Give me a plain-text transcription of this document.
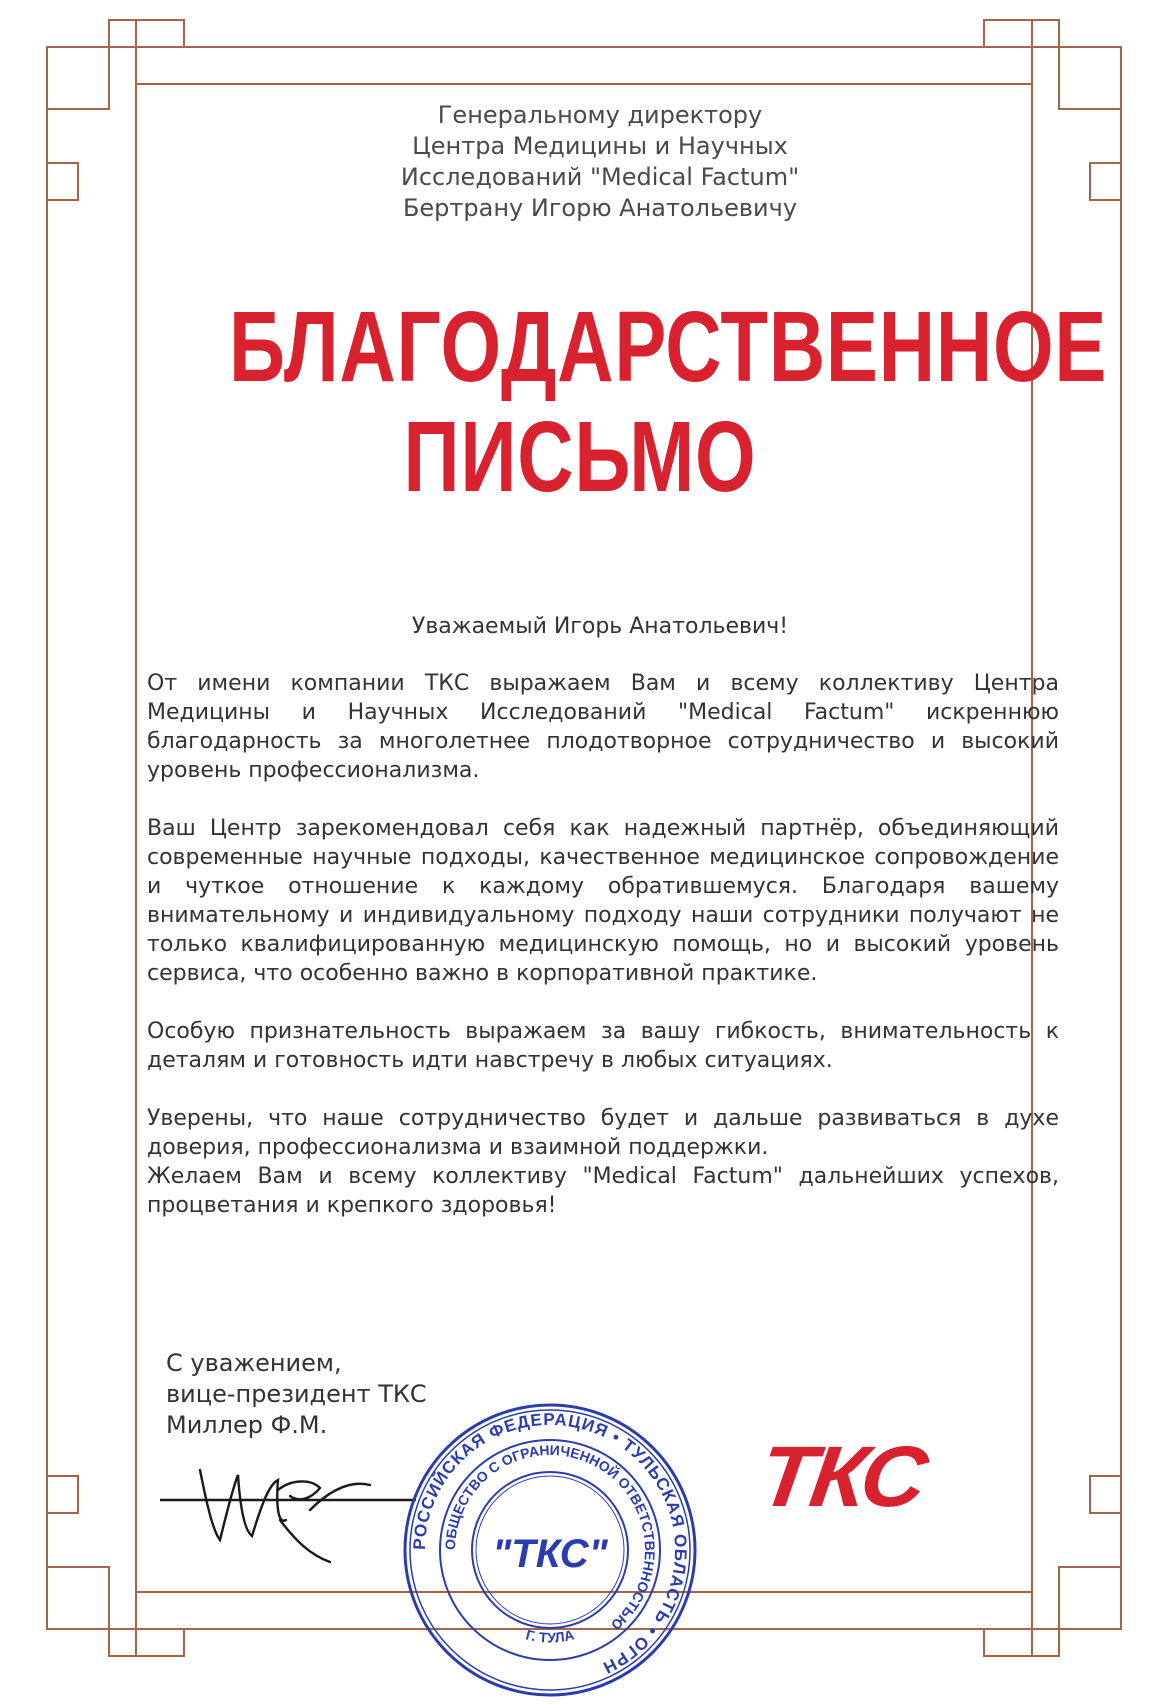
Генеральному директору
Центра Медицины и Научных
Исследований "Medical Factum"
Бертрану Игорю Анатольевичу
БЛАГОДАРСТВЕННОЕ
ПИСЬМО
Уважаемый Игорь Анатольевич!

От имени компании ТКС выражаем Вам и всему коллективу Центра Медицины и Научных Исследований "Medical Factum" искреннюю благодарность за многолетнее плодотворное сотрудничество и высокий уровень профессионализма.

Ваш Центр зарекомендовал себя как надежный партнёр, объединяющий современные научные подходы, качественное медицинское сопровождение и чуткое отношение к каждому обратившемуся. Благодаря вашему внимательному и индивидуальному подходу наши сотрудники получают не только квалифицированную медицинскую помощь, но и высокий уровень сервиса, что особенно важно в корпоративной практике.

Особую признательность выражаем за вашу гибкость, внимательность к деталям и готовность идти навстречу в любых ситуациях.

Уверены, что наше сотрудничество будет и дальше развиваться в духе доверия, профессионализма и взаимной поддержки.

Желаем Вам и всему коллективу "Medical Factum" дальнейших успехов, процветания и крепкого здоровья!

С уважением,
вице-президент ТКС
Миллер Ф.М.
РОССИЙСКАЯ ФЕДЕРАЦИЯ • ТУЛЬСКАЯ ОБЛАСТЬ • ОГРН
ОБЩЕСТВО С ОГРАНИЧЕННОЙ ОТВЕТСТВЕННОСТЬЮ
Г. ТУЛА
"ТКС"
ТКС
